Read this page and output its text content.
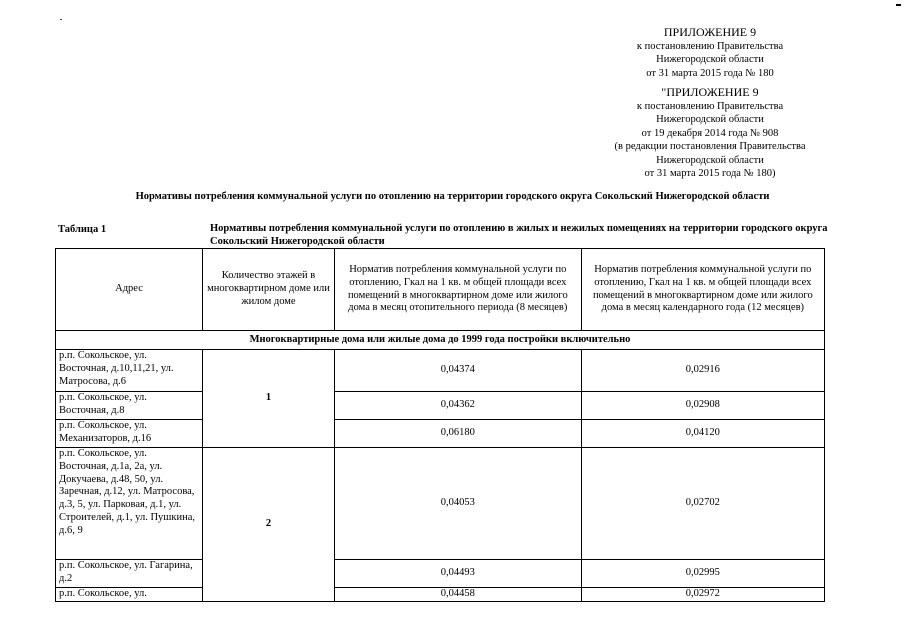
ПРИЛОЖЕНИЕ 9
к постановлению Правительства
Нижегородской области
от 31 марта 2015 года № 180
"ПРИЛОЖЕНИЕ 9
к постановлению Правительства
Нижегородской области
от 19 декабря 2014 года № 908
(в редакции постановления Правительства
Нижегородской области
от 31 марта 2015 года № 180)
Нормативы потребления коммунальной услуги по отоплению на территории городского округа Сокольский Нижегородской области
Таблица 1	Нормативы потребления коммунальной услуги по отоплению в жилых и нежилых помещениях на территории городского округа Сокольский Нижегородской области
Адрес	Количество этажей в многоквартирном доме или жилом доме	Норматив потребления коммунальной услуги по отоплению, Гкал на 1 кв. м общей площади всех помещений в многоквартирном доме или жилого дома в месяц отопительного периода (8 месяцев)	Норматив потребления коммунальной услуги по отоплению, Гкал на 1 кв. м общей площади всех помещений в многоквартирном доме или жилого дома в месяц календарного года (12 месяцев)
Многоквартирные дома или жилые дома до 1999 года постройки включительно			
р.п. Сокольское, ул. Восточная, д.10,11,21, ул. Матросова, д.6	1	0,04374	0,02916
р.п. Сокольское, ул. Восточная, д.8		0,04362	0,02908
р.п. Сокольское, ул. Механизаторов, д.16		0,06180	0,04120
р.п. Сокольское, ул. Восточная, д.1а, 2а, ул. Докучаева, д.48, 50, ул. Заречная, д.12, ул. Матросова, д.3, 5, ул. Парковая, д.1, ул. Строителей, д.1, ул. Пушкина, д.6, 9	2	0,04053	0,02702
р.п. Сокольское, ул. Гагарина, д.2		0,04493	0,02995
р.п. Сокольское, ул.		0,04458	0,02972
